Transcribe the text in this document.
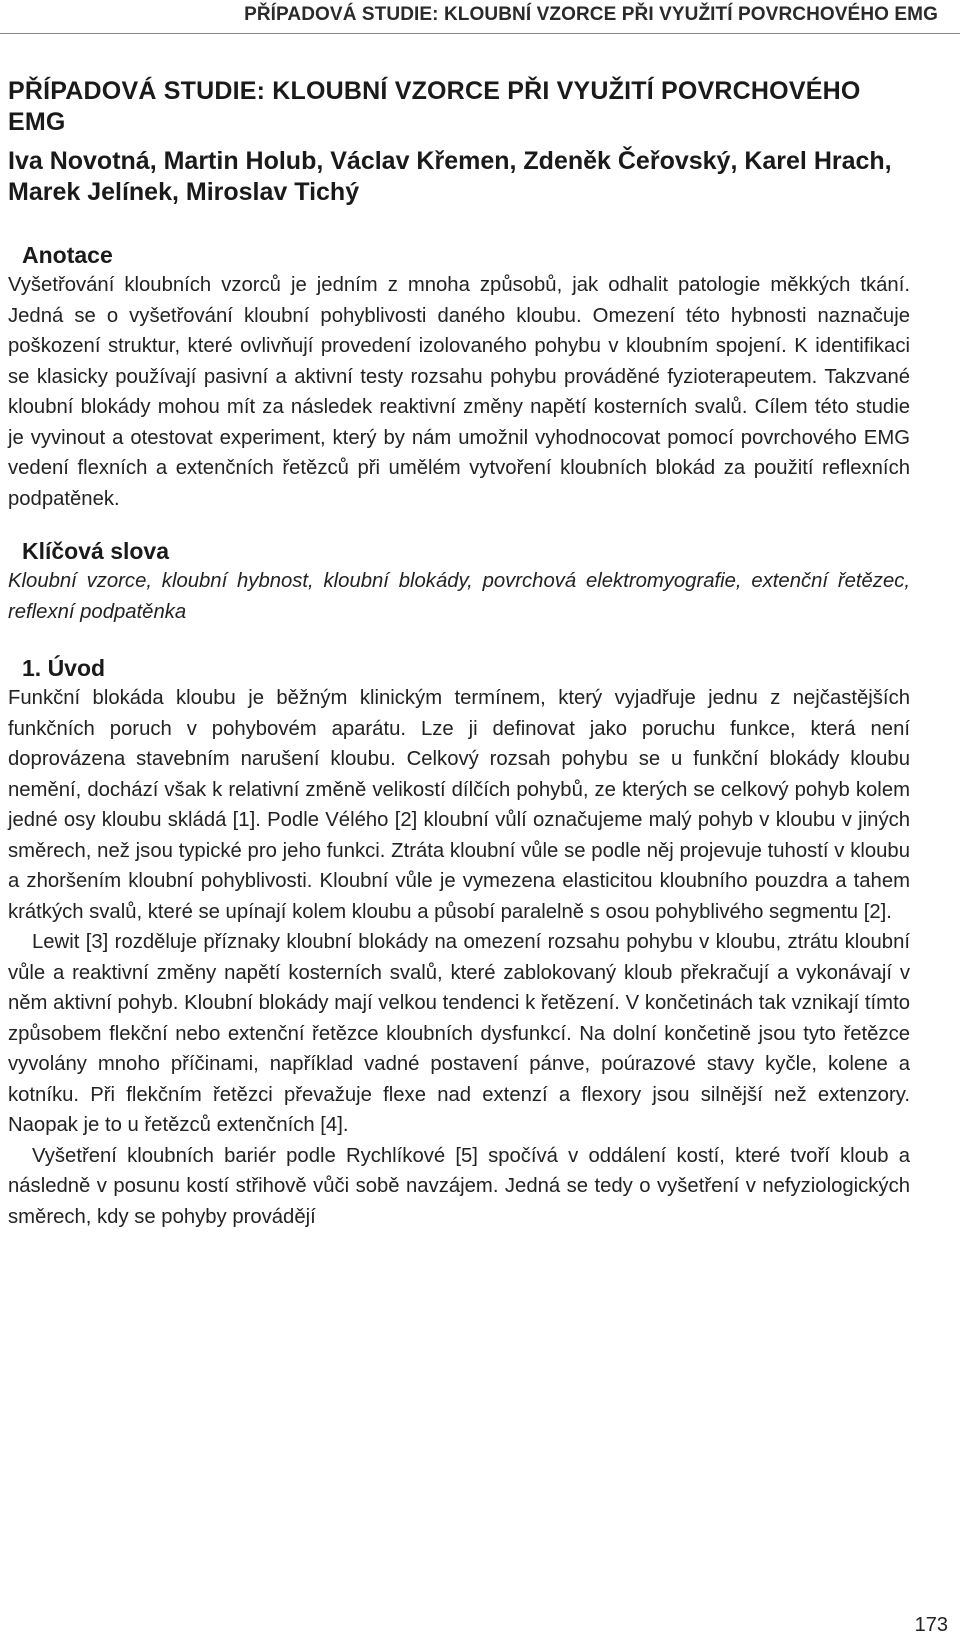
PŘÍPADOVÁ STUDIE: KLOUBNÍ VZORCE PŘI VYUŽITÍ POVRCHOVÉHO EMG
PŘÍPADOVÁ STUDIE: KLOUBNÍ VZORCE PŘI VYUŽITÍ POVRCHOVÉHO EMG
Iva Novotná, Martin Holub, Václav Křemen, Zdeněk Čeřovský, Karel Hrach, Marek Jelínek, Miroslav Tichý
Anotace

Vyšetřování kloubních vzorců je jedním z mnoha způsobů, jak odhalit patologie měkkých tkání. Jedná se o vyšetřování kloubní pohyblivosti daného kloubu. Omezení této hybnosti naznačuje poškození struktur, které ovlivňují provedení izolovaného pohybu v kloubním spojení. K identifikaci se klasicky používají pasivní a aktivní testy rozsahu pohybu prováděné fyzioterapeutem. Takzvané kloubní blokády mohou mít za následek reaktivní změny napětí kosterních svalů. Cílem této studie je vyvinout a otestovat experiment, který by nám umožnil vyhodnocovat pomocí povrchového EMG vedení flexních a extenčních řetězců při umělém vytvoření kloubních blokád za použití reflexních podpatěnek.

Klíčová slova

Kloubní vzorce, kloubní hybnost, kloubní blokády, povrchová elektromyografie, extenční řetězec, reflexní podpatěnka

1. Úvod

Funkční blokáda kloubu je běžným klinickým termínem, který vyjadřuje jednu z nejčastějších funkčních poruch v pohybovém aparátu. Lze ji definovat jako poruchu funkce, která není doprovázena stavebním narušení kloubu. Celkový rozsah pohybu se u funkční blokády kloubu nemění, dochází však k relativní změně velikostí dílčích pohybů, ze kterých se celkový pohyb kolem jedné osy kloubu skládá [1]. Podle Vélého [2] kloubní vůlí označujeme malý pohyb v kloubu v jiných směrech, než jsou typické pro jeho funkci. Ztráta kloubní vůle se podle něj projevuje tuhostí v kloubu a zhoršením kloubní pohyblivosti. Kloubní vůle je vymezena elasticitou kloubního pouzdra a tahem krátkých svalů, které se upínají kolem kloubu a působí paralelně s osou pohyblivého segmentu [2].

Lewit [3] rozděluje příznaky kloubní blokády na omezení rozsahu pohybu v kloubu, ztrátu kloubní vůle a reaktivní změny napětí kosterních svalů, které zablokovaný kloub překračují a vykonávají v něm aktivní pohyb. Kloubní blokády mají velkou tendenci k řetězení. V končetinách tak vznikají tímto způsobem flekční nebo extenční řetězce kloubních dysfunkcí. Na dolní končetině jsou tyto řetězce vyvolány mnoho příčinami, například vadné postavení pánve, poúrazové stavy kyčle, kolene a kotníku. Při flekčním řetězci převažuje flexe nad extenzí a flexory jsou silnější než extenzory. Naopak je to u řetězců extenčních [4].

Vyšetření kloubních bariér podle Rychlíkové [5] spočívá v oddálení kostí, které tvoří kloub a následně v posunu kostí střihově vůči sobě navzájem. Jedná se tedy o vyšetření v nefyziologických směrech, kdy se pohyby provádějí

173
